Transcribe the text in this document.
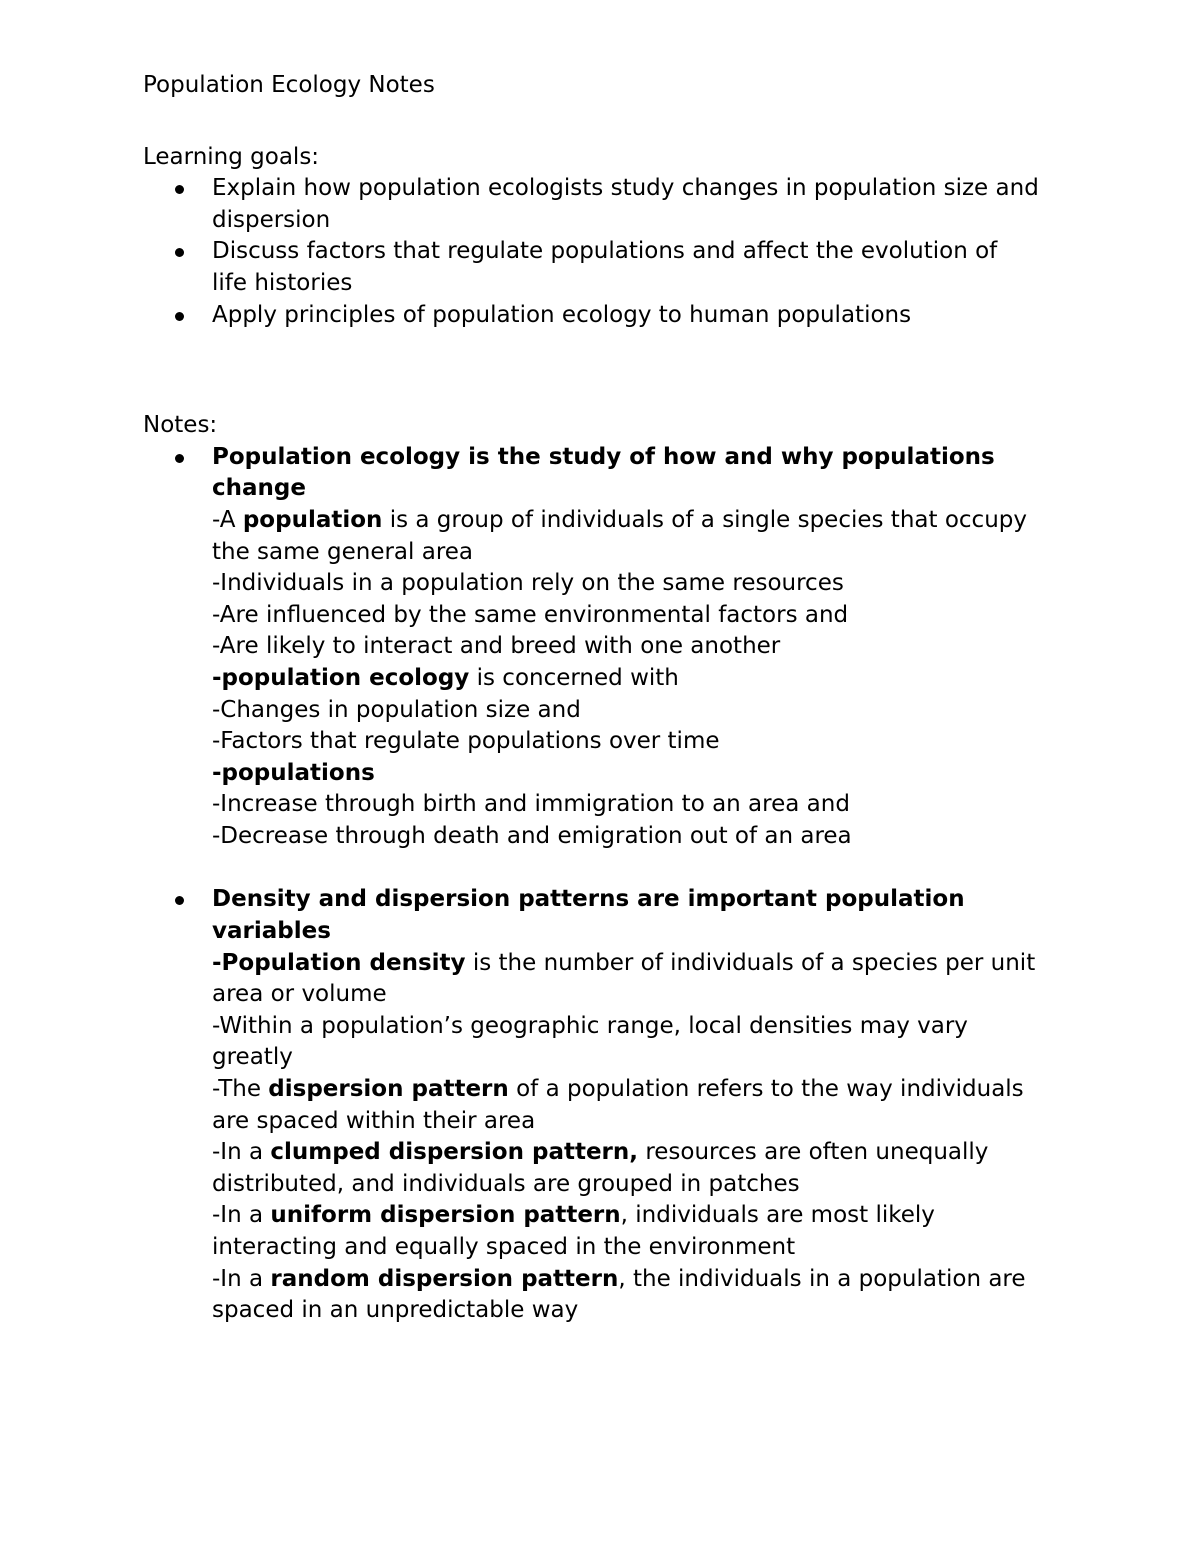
Population Ecology Notes
Learning goals:
Explain how population ecologists study changes in population size and
dispersion
Discuss factors that regulate populations and affect the evolution of
life histories
Apply principles of population ecology to human populations
Notes:
Population ecology is the study of how and why populations
change
-A population is a group of individuals of a single species that occupy
the same general area
-Individuals in a population rely on the same resources
-Are influenced by the same environmental factors and
-Are likely to interact and breed with one another
-population ecology is concerned with
-Changes in population size and
-Factors that regulate populations over time
-populations
-Increase through birth and immigration to an area and
-Decrease through death and emigration out of an area
Density and dispersion patterns are important population
variables
-Population density is the number of individuals of a species per unit
area or volume
-Within a population’s geographic range, local densities may vary
greatly
-The dispersion pattern of a population refers to the way individuals
are spaced within their area
-In a clumped dispersion pattern, resources are often unequally
distributed, and individuals are grouped in patches
-In a uniform dispersion pattern, individuals are most likely
interacting and equally spaced in the environment
-In a random dispersion pattern, the individuals in a population are
spaced in an unpredictable way
